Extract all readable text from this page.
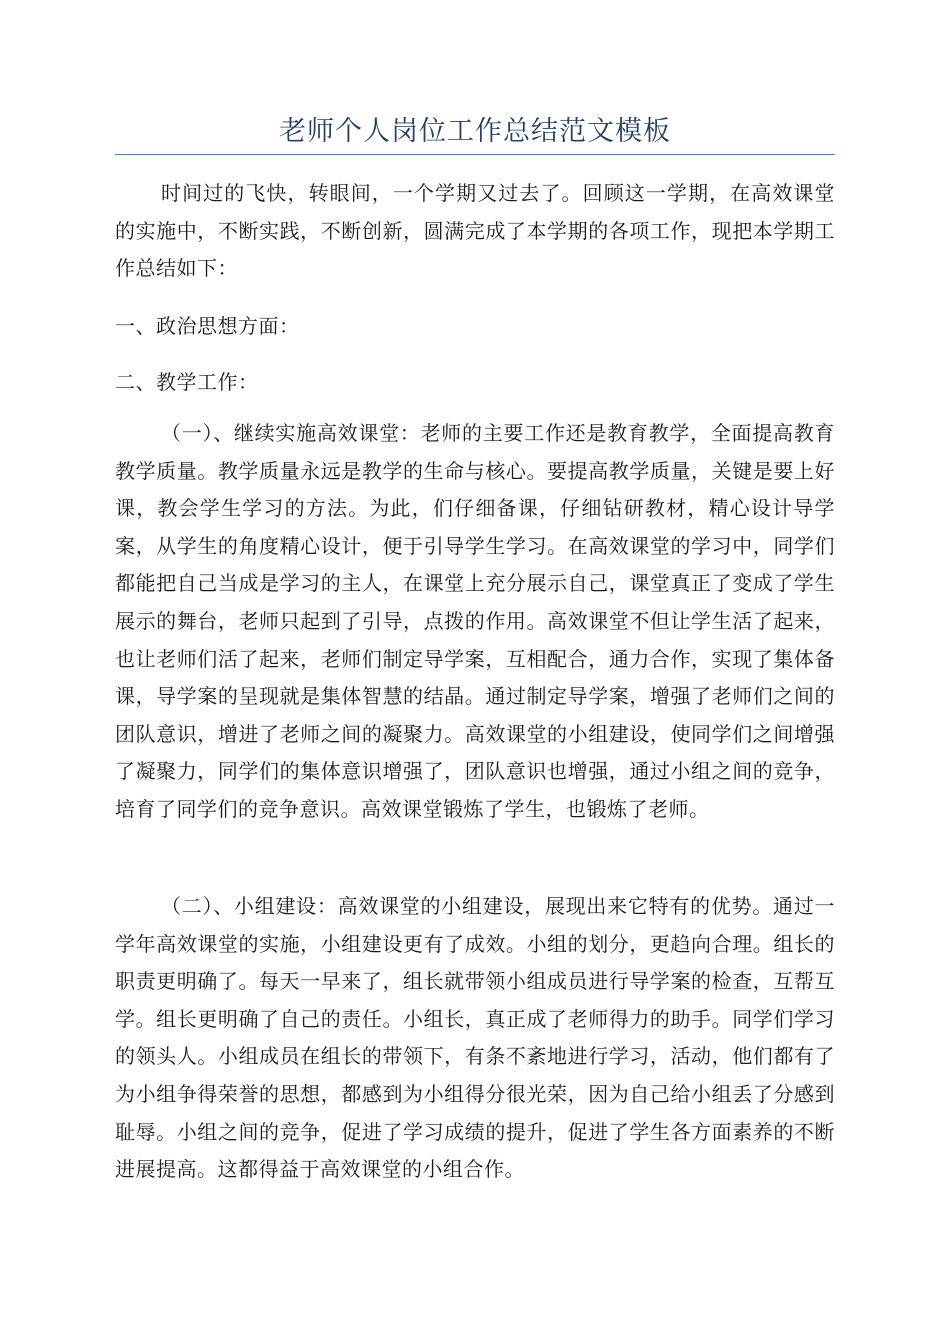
老师个人岗位工作总结范文模板

时间过的飞快，转眼间，一个学期又过去了。回顾这一学期，在高效课堂的实施中，不断实践，不断创新，圆满完成了本学期的各项工作，现把本学期工作总结如下：

一、政治思想方面：

二、教学工作：

（一）、继续实施高效课堂：老师的主要工作还是教育教学，全面提高教育教学质量。教学质量永远是教学的生命与核心。要提高教学质量，关键是要上好课，教会学生学习的方法。为此，们仔细备课，仔细钻研教材，精心设计导学案，从学生的角度精心设计，便于引导学生学习。在高效课堂的学习中，同学们都能把自己当成是学习的主人，在课堂上充分展示自己，课堂真正了变成了学生展示的舞台，老师只起到了引导，点拨的作用。高效课堂不但让学生活了起来，也让老师们活了起来，老师们制定导学案，互相配合，通力合作，实现了集体备课，导学案的呈现就是集体智慧的结晶。通过制定导学案，增强了老师们之间的团队意识，增进了老师之间的凝聚力。高效课堂的小组建设，使同学们之间增强了凝聚力，同学们的集体意识增强了，团队意识也增强，通过小组之间的竞争，培育了同学们的竞争意识。高效课堂锻炼了学生，也锻炼了老师。

（二）、小组建设：高效课堂的小组建设，展现出来它特有的优势。通过一学年高效课堂的实施，小组建设更有了成效。小组的划分，更趋向合理。组长的职责更明确了。每天一早来了，组长就带领小组成员进行导学案的检查，互帮互学。组长更明确了自己的责任。小组长，真正成了老师得力的助手。同学们学习的领头人。小组成员在组长的带领下，有条不紊地进行学习，活动，他们都有了为小组争得荣誉的思想，都感到为小组得分很光荣，因为自己给小组丢了分感到耻辱。小组之间的竞争，促进了学习成绩的提升，促进了学生各方面素养的不断进展提高。这都得益于高效课堂的小组合作。
